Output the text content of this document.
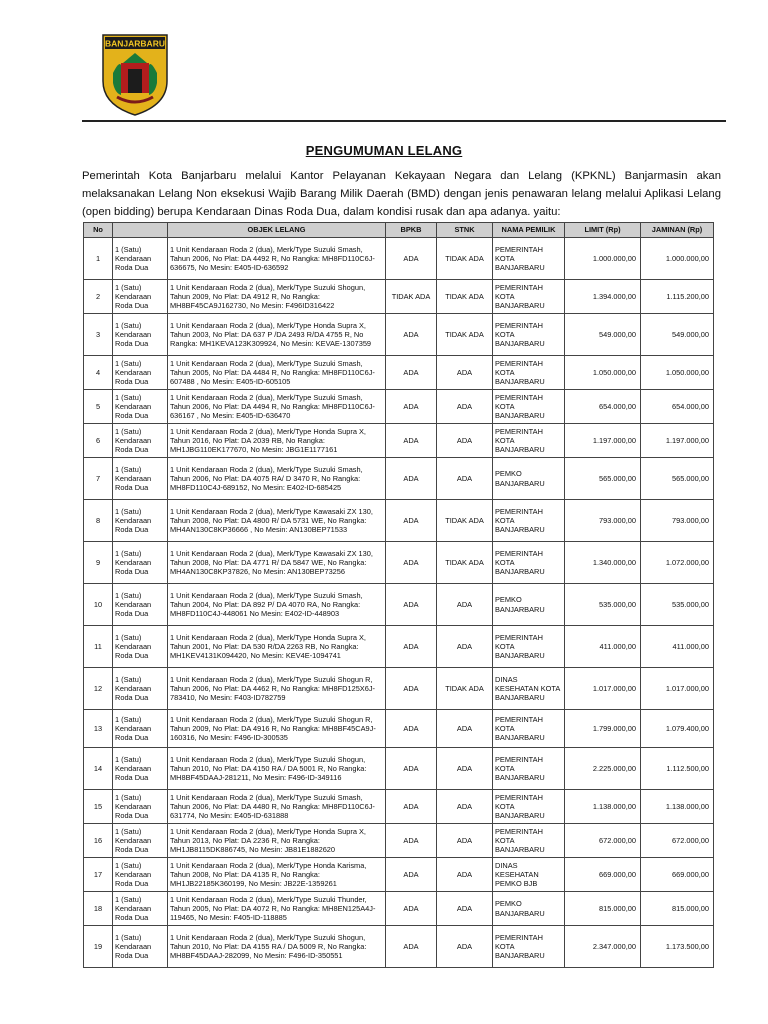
BANJARBARU
PENGUMUMAN LELANG
Pemerintah Kota Banjarbaru melalui Kantor Pelayanan Kekayaan Negara dan Lelang (KPKNL) Banjarmasin akan melaksanakan Lelang Non eksekusi Wajib Barang Milik Daerah (BMD) dengan jenis penawaran lelang melalui Aplikasi Lelang (open bidding) berupa Kendaraan Dinas Roda Dua, dalam kondisi rusak dan apa adanya. yaitu:
No		OBJEK LELANG	BPKB	STNK	NAMA PEMILIK	LIMIT (Rp)	JAMINAN (Rp)
1	1 (Satu) Kendaraan Roda Dua	1 Unit Kendaraan Roda 2 (dua), Merk/Type Suzuki Smash, Tahun 2006, No Plat: DA 4492 R, No Rangka: MH8FD110C6J-636675, No Mesin: E405-ID-636592	ADA	TIDAK ADA	PEMERINTAH KOTA BANJARBARU	1.000.000,00	1.000.000,00
2	1 (Satu) Kendaraan Roda Dua	1 Unit Kendaraan Roda 2 (dua), Merk/Type Suzuki Shogun, Tahun 2009, No Plat: DA 4912 R, No Rangka: MH8BF45CA9J162730, No Mesin: F496ID316422	TIDAK ADA	TIDAK ADA	PEMERINTAH KOTA BANJARBARU	1.394.000,00	1.115.200,00
3	1 (Satu) Kendaraan Roda Dua	1 Unit Kendaraan Roda 2 (dua), Merk/Type Honda Supra X, Tahun 2003, No Plat: DA 637 P /DA 2493 R/DA 4755 R, No Rangka: MH1KEVA123K309924, No Mesin: KEVAE-1307359	ADA	TIDAK ADA	PEMERINTAH KOTA BANJARBARU	549.000,00	549.000,00
4	1 (Satu) Kendaraan Roda Dua	1 Unit Kendaraan Roda 2 (dua), Merk/Type Suzuki Smash, Tahun 2005, No Plat: DA 4484 R, No Rangka: MH8FD110C6J-607488 , No Mesin: E405-ID-605105	ADA	ADA	PEMERINTAH KOTA BANJARBARU	1.050.000,00	1.050.000,00
5	1 (Satu) Kendaraan Roda Dua	1 Unit Kendaraan Roda 2 (dua), Merk/Type Suzuki Smash, Tahun 2006, No Plat: DA 4494 R, No Rangka: MH8FD110C6J-636167 , No Mesin: E405-ID-636470	ADA	ADA	PEMERINTAH KOTA BANJARBARU	654.000,00	654.000,00
6	1 (Satu) Kendaraan Roda Dua	1 Unit Kendaraan Roda 2 (dua), Merk/Type Honda Supra X, Tahun 2016, No Plat: DA 2039 RB, No Rangka: MH1JBG110EK177670, No Mesin: JBG1E1177161	ADA	ADA	PEMERINTAH KOTA BANJARBARU	1.197.000,00	1.197.000,00
7	1 (Satu) Kendaraan Roda Dua	1 Unit Kendaraan Roda 2 (dua), Merk/Type Suzuki Smash, Tahun 2006, No Plat: DA 4075 RA/ D 3470 R, No Rangka: MH8FD110C4J-689152, No Mesin: E402-ID-685425	ADA	ADA	PEMKO BANJARBARU	565.000,00	565.000,00
8	1 (Satu) Kendaraan Roda Dua	1 Unit Kendaraan Roda 2 (dua), Merk/Type Kawasaki ZX 130, Tahun 2008, No Plat: DA 4800 R/ DA 5731 WE, No Rangka: MH4AN130C8KP36666 , No Mesin: AN130BEP71533	ADA	TIDAK ADA	PEMERINTAH KOTA BANJARBARU	793.000,00	793.000,00
9	1 (Satu) Kendaraan Roda Dua	1 Unit Kendaraan Roda 2 (dua), Merk/Type Kawasaki ZX 130, Tahun 2008, No Plat: DA 4771 R/ DA 5847 WE, No Rangka: MH4AN130C8KP37826, No Mesin: AN130BEP73256	ADA	TIDAK ADA	PEMERINTAH KOTA BANJARBARU	1.340.000,00	1.072.000,00
10	1 (Satu) Kendaraan Roda Dua	1 Unit Kendaraan Roda 2 (dua), Merk/Type Suzuki Smash, Tahun 2004, No Plat: DA 892 P/ DA 4070 RA, No Rangka: MH8FD110C4J-448061 No Mesin: E402-ID-448903	ADA	ADA	PEMKO BANJARBARU	535.000,00	535.000,00
11	1 (Satu) Kendaraan Roda Dua	1 Unit Kendaraan Roda 2 (dua), Merk/Type Honda Supra X, Tahun 2001, No Plat: DA 530 R/DA 2263 RB, No Rangka: MH1KEV4131K094420, No Mesin: KEV4E-1094741	ADA	ADA	PEMERINTAH KOTA BANJARBARU	411.000,00	411.000,00
12	1 (Satu) Kendaraan Roda Dua	1 Unit Kendaraan Roda 2 (dua), Merk/Type Suzuki Shogun R, Tahun 2006, No Plat: DA 4462 R, No Rangka: MH8FD125X6J-783410, No Mesin: F403-ID782759	ADA	TIDAK ADA	DINAS KESEHATAN KOTA BANJARBARU	1.017.000,00	1.017.000,00
13	1 (Satu) Kendaraan Roda Dua	1 Unit Kendaraan Roda 2 (dua), Merk/Type Suzuki Shogun R, Tahun 2009, No Plat: DA 4916 R, No Rangka: MH8BF45CA9J-160316, No Mesin: F496-ID-300535	ADA	ADA	PEMERINTAH KOTA BANJARBARU	1.799.000,00	1.079.400,00
14	1 (Satu) Kendaraan Roda Dua	1 Unit Kendaraan Roda 2 (dua), Merk/Type Suzuki Shogun, Tahun 2010, No Plat: DA 4150 RA / DA 5001 R, No Rangka: MH8BF45DAAJ-281211, No Mesin: F496-ID-349116	ADA	ADA	PEMERINTAH KOTA BANJARBARU	2.225.000,00	1.112.500,00
15	1 (Satu) Kendaraan Roda Dua	1 Unit Kendaraan Roda 2 (dua), Merk/Type Suzuki Smash, Tahun 2006, No Plat: DA 4480 R, No Rangka: MH8FD110C6J-631774, No Mesin: E405-ID-631888	ADA	ADA	PEMERINTAH KOTA BANJARBARU	1.138.000,00	1.138.000,00
16	1 (Satu) Kendaraan Roda Dua	1 Unit Kendaraan Roda 2 (dua), Merk/Type Honda Supra X, Tahun 2013, No Plat: DA 2236 R, No Rangka: MH1JB8115DK886745, No Mesin: JB81E1882620	ADA	ADA	PEMERINTAH KOTA BANJARBARU	672.000,00	672.000,00
17	1 (Satu) Kendaraan Roda Dua	1 Unit Kendaraan Roda 2 (dua), Merk/Type Honda Karisma, Tahun 2008, No Plat: DA 4135 R, No Rangka: MH1JB22185K360199, No Mesin: JB22E-1359261	ADA	ADA	DINAS KESEHATAN PEMKO BJB	669.000,00	669.000,00
18	1 (Satu) Kendaraan Roda Dua	1 Unit Kendaraan Roda 2 (dua), Merk/Type Suzuki Thunder, Tahun 2005, No Plat: DA 4072 R, No Rangka: MH8EN125A4J-119465, No Mesin: F405-ID-118885	ADA	ADA	PEMKO BANJARBARU	815.000,00	815.000,00
19	1 (Satu) Kendaraan Roda Dua	1 Unit Kendaraan Roda 2 (dua), Merk/Type Suzuki Shogun, Tahun 2010, No Plat: DA 4155 RA / DA 5009 R, No Rangka: MH8BF45DAAJ-282099, No Mesin: F496-ID-350551	ADA	ADA	PEMERINTAH KOTA BANJARBARU	2.347.000,00	1.173.500,00
